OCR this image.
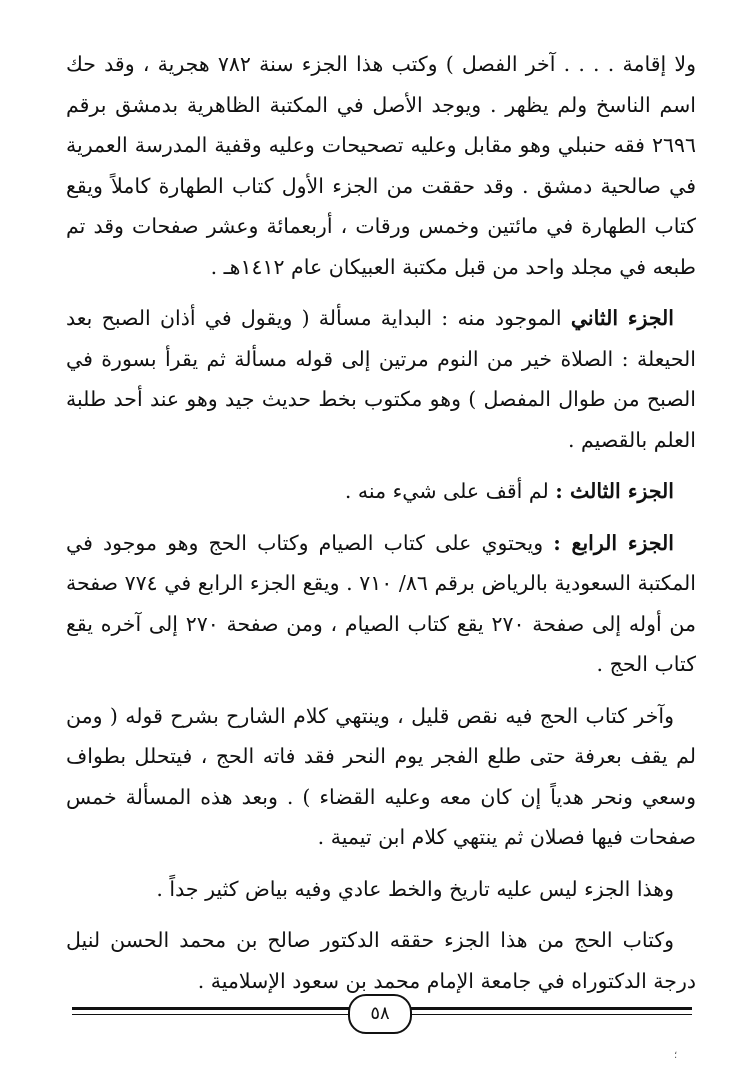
ولا إقامة . . . . آخر الفصل ) وكتب هذا الجزء سنة ٧٨٢ هجرية ، وقد حك اسم الناسخ ولم يظهر . ويوجد الأصل في المكتبة الظاهرية بدمشق برقم ٢٦٩٦ فقه حنبلي وهو مقابل وعليه تصحيحات وعليه وقفية المدرسة العمرية في صالحية دمشق . وقد حققت من الجزء الأول كتاب الطهارة كاملاً ويقع كتاب الطهارة في مائتين وخمس ورقات ، أربعمائة وعشر صفحات وقد تم طبعه في مجلد واحد من قبل مكتبة العبيكان عام ١٤١٢هـ .

الجزء الثاني الموجود منه : البداية مسألة ( ويقول في أذان الصبح بعد الحيعلة : الصلاة خير من النوم مرتين إلى قوله مسألة ثم يقرأ بسورة في الصبح من طوال المفصل ) وهو مكتوب بخط حديث جيد وهو عند أحد طلبة العلم بالقصيم .

الجزء الثالث : لم أقف على شيء منه .

الجزء الرابع : ويحتوي على كتاب الصيام وكتاب الحج وهو موجود في المكتبة السعودية بالرياض برقم ٨٦/ ٧١٠ . ويقع الجزء الرابع في ٧٧٤ صفحة من أوله إلى صفحة ٢٧٠ يقع كتاب الصيام ، ومن صفحة ٢٧٠ إلى آخره يقع كتاب الحج .

وآخر كتاب الحج فيه نقص قليل ، وينتهي كلام الشارح بشرح قوله ( ومن لم يقف بعرفة حتى طلع الفجر يوم النحر فقد فاته الحج ، فيتحلل بطواف وسعي ونحر هدياً إن كان معه وعليه القضاء ) . وبعد هذه المسألة خمس صفحات فيها فصلان ثم ينتهي كلام ابن تيمية .

وهذا الجزء ليس عليه تاريخ والخط عادي وفيه بياض كثير جداً .

وكتاب الحج من هذا الجزء حققه الدكتور صالح بن محمد الحسن لنيل درجة الدكتوراه في جامعة الإمام محمد بن سعود الإسلامية .

٥٨
؛
